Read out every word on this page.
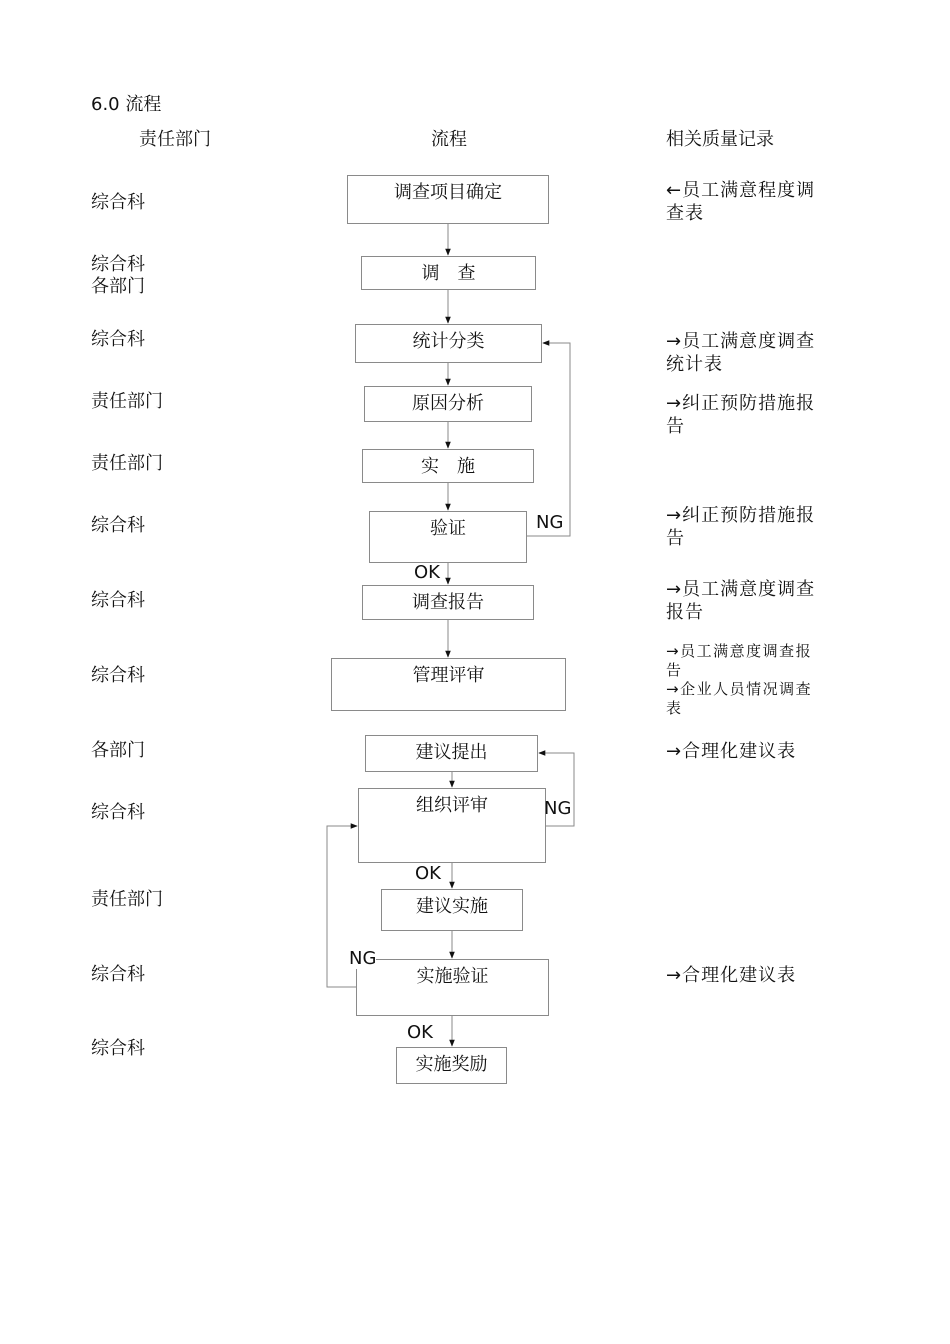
6.0 流程
责任部门	流程	相关质量记录
综合科
综合科
各部门
综合科
责任部门
责任部门
综合科
综合科
综合科
各部门
综合科
责任部门
综合科
综合科
调查项目确定
调　查
统计分类
原因分析
实　施
验证
调查报告
管理评审
建议提出
组织评审
建议实施
实施验证
实施奖励
NG
OK
NG
OK
NG
OK
←员工满意程度调查表
→员工满意度调查统计表
→纠正预防措施报告
→纠正预防措施报告
→员工满意度调查报告
→员工满意度调查报告
→企业人员情况调查表
→合理化建议表
→合理化建议表
